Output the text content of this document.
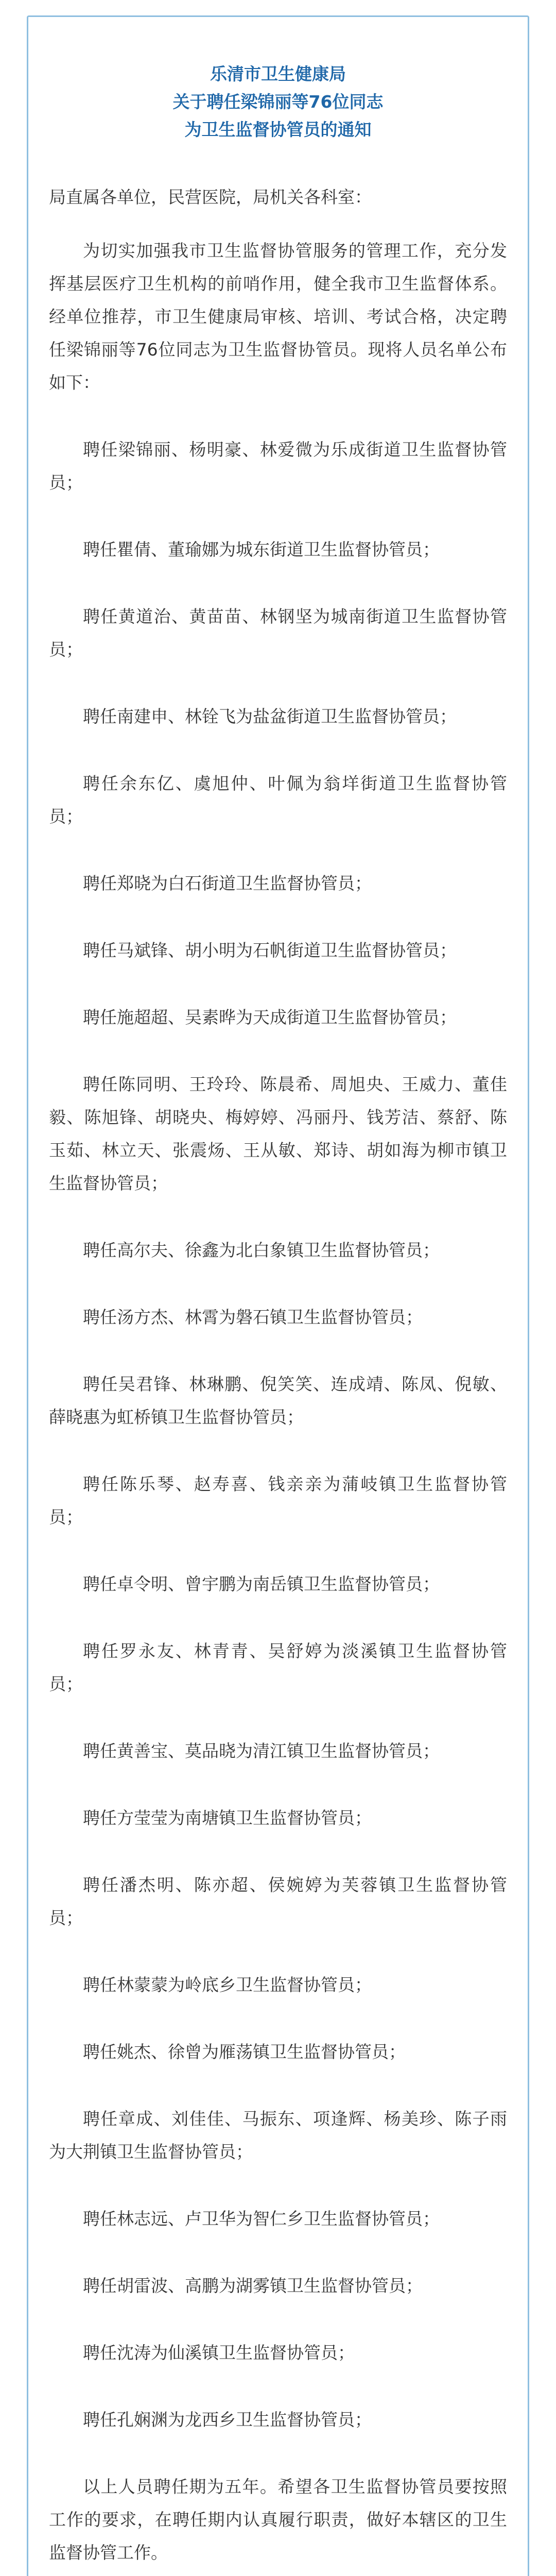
乐清市卫生健康局
关于聘任梁锦丽等76位同志
为卫生监督协管员的通知
局直属各单位，民营医院，局机关各科室：

为切实加强我市卫生监督协管服务的管理工作，充分发挥基层医疗卫生机构的前哨作用，健全我市卫生监督体系。经单位推荐，市卫生健康局审核、培训、考试合格，决定聘任梁锦丽等76位同志为卫生监督协管员。现将人员名单公布如下：

聘任梁锦丽、杨明豪、林爱微为乐成街道卫生监督协管员；

聘任瞿倩、董瑜娜为城东街道卫生监督协管员；

聘任黄道治、黄苗苗、林钢坚为城南街道卫生监督协管员；

聘任南建申、林铨飞为盐盆街道卫生监督协管员；

聘任余东亿、虞旭仲、叶佩为翁垟街道卫生监督协管员；

聘任郑晓为白石街道卫生监督协管员；

聘任马斌锋、胡小明为石帆街道卫生监督协管员；

聘任施超超、吴素晔为天成街道卫生监督协管员；

聘任陈同明、王玲玲、陈晨希、周旭央、王威力、董佳毅、陈旭锋、胡晓央、梅婷婷、冯丽丹、钱芳洁、蔡舒、陈玉茹、林立天、张震炀、王从敏、郑诗、胡如海为柳市镇卫生监督协管员；

聘任高尔夫、徐鑫为北白象镇卫生监督协管员；

聘任汤方杰、林霄为磐石镇卫生监督协管员；

聘任吴君锋、林琳鹏、倪笑笑、连成靖、陈凤、倪敏、薛晓惠为虹桥镇卫生监督协管员；

聘任陈乐琴、赵寿喜、钱亲亲为蒲岐镇卫生监督协管员；

聘任卓令明、曾宇鹏为南岳镇卫生监督协管员；

聘任罗永友、林青青、吴舒婷为淡溪镇卫生监督协管员；

聘任黄善宝、莫品晓为清江镇卫生监督协管员；

聘任方莹莹为南塘镇卫生监督协管员；

聘任潘杰明、陈亦超、侯婉婷为芙蓉镇卫生监督协管员；

聘任林蒙蒙为岭底乡卫生监督协管员；

聘任姚杰、徐曾为雁荡镇卫生监督协管员；

聘任章成、刘佳佳、马振东、项逢辉、杨美珍、陈子雨为大荆镇卫生监督协管员；

聘任林志远、卢卫华为智仁乡卫生监督协管员；

聘任胡雷波、高鹏为湖雾镇卫生监督协管员；

聘任沈涛为仙溪镇卫生监督协管员；

聘任孔娴渊为龙西乡卫生监督协管员；

以上人员聘任期为五年。希望各卫生监督协管员要按照工作的要求，在聘任期内认真履行职责，做好本辖区的卫生监督协管工作。
